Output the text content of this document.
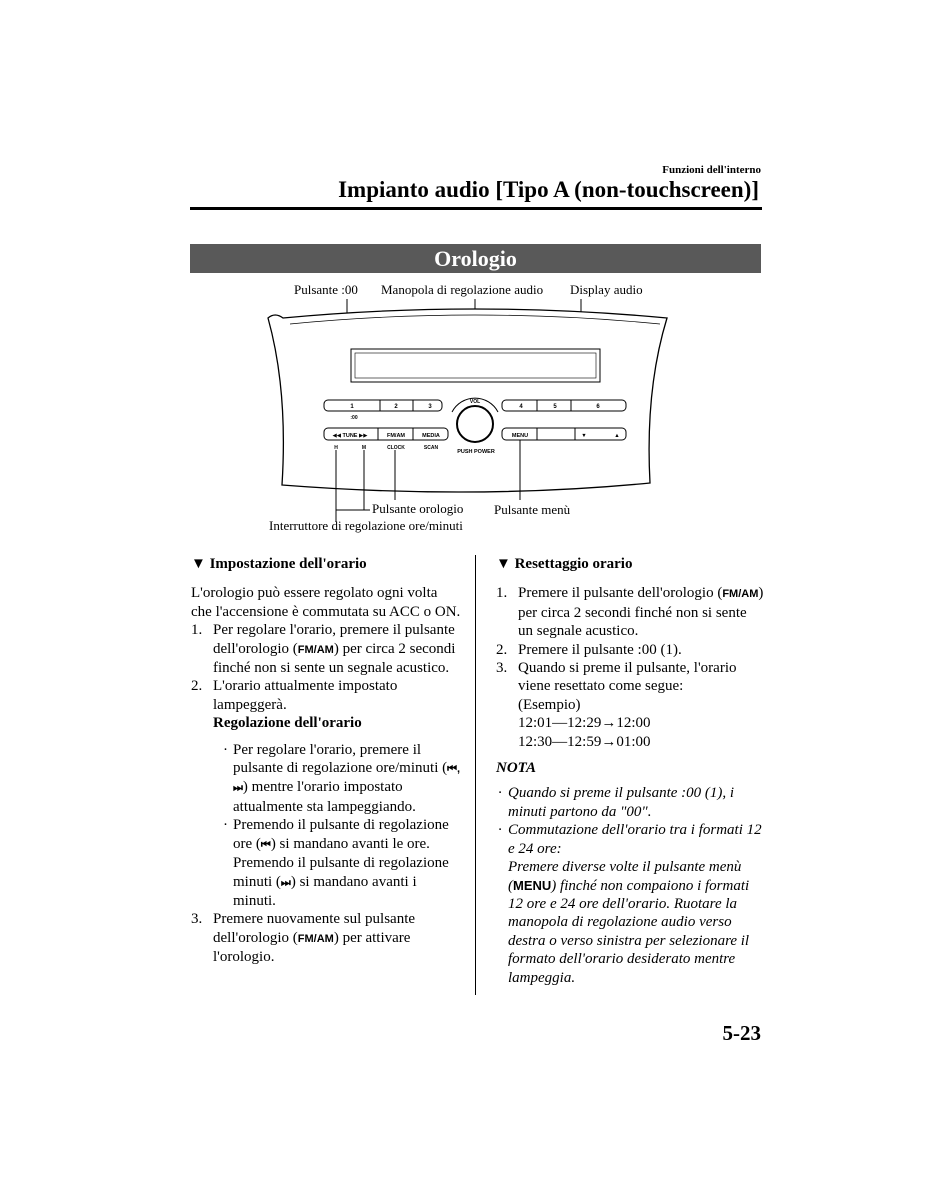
Funzioni dell'interno
Impianto audio [Tipo A (non-touchscreen)]
Orologio
Pulsante :00 Manopola di regolazione audio Display audio
Pulsante orologio Pulsante menù
Interruttore di regolazione ore/minuti
1	2	3	4	5	6
:00
◀◀ TUNE ▶▶	FM/AM	MEDIA	MENU	▼	▲
H	M	CLOCK	SCAN
VOL
PUSH POWER

▼ Impostazione dell'orario

L'orologio può essere regolato ogni volta che l'accensione è commutata su ACC o ON.

1. Per regolare l'orario, premere il pulsante dell'orologio (FM/AM) per circa 2 secondi finché non si sente un segnale acustico.
2. L'orario attualmente impostato lampeggerà.

Regolazione dell'orario

· Per regolare l'orario, premere il pulsante di regolazione ore/minuti (⏮, ⏭) mentre l'orario impostato attualmente sta lampeggiando.
· Premendo il pulsante di regolazione ore (⏮) si mandano avanti le ore. Premendo il pulsante di regolazione minuti (⏭) si mandano avanti i minuti.
3. Premere nuovamente sul pulsante dell'orologio (FM/AM) per attivare l'orologio.

▼ Resettaggio orario

1. Premere il pulsante dell'orologio (FM/AM) per circa 2 secondi finché non si sente un segnale acustico.
2. Premere il pulsante :00 (1).
3. Quando si preme il pulsante, l'orario viene resettato come segue:

(Esempio)

12:01—12:29→12:00

12:30—12:59→01:00

NOTA

· Quando si preme il pulsante :00 (1), i minuti partono da "00".
· Commutazione dell'orario tra i formati 12 e 24 ore:
Premere diverse volte il pulsante menù (MENU) finché non compaiono i formati 12 ore e 24 ore dell'orario. Ruotare la manopola di regolazione audio verso destra o verso sinistra per selezionare il formato dell'orario desiderato mentre lampeggia.
5-23
